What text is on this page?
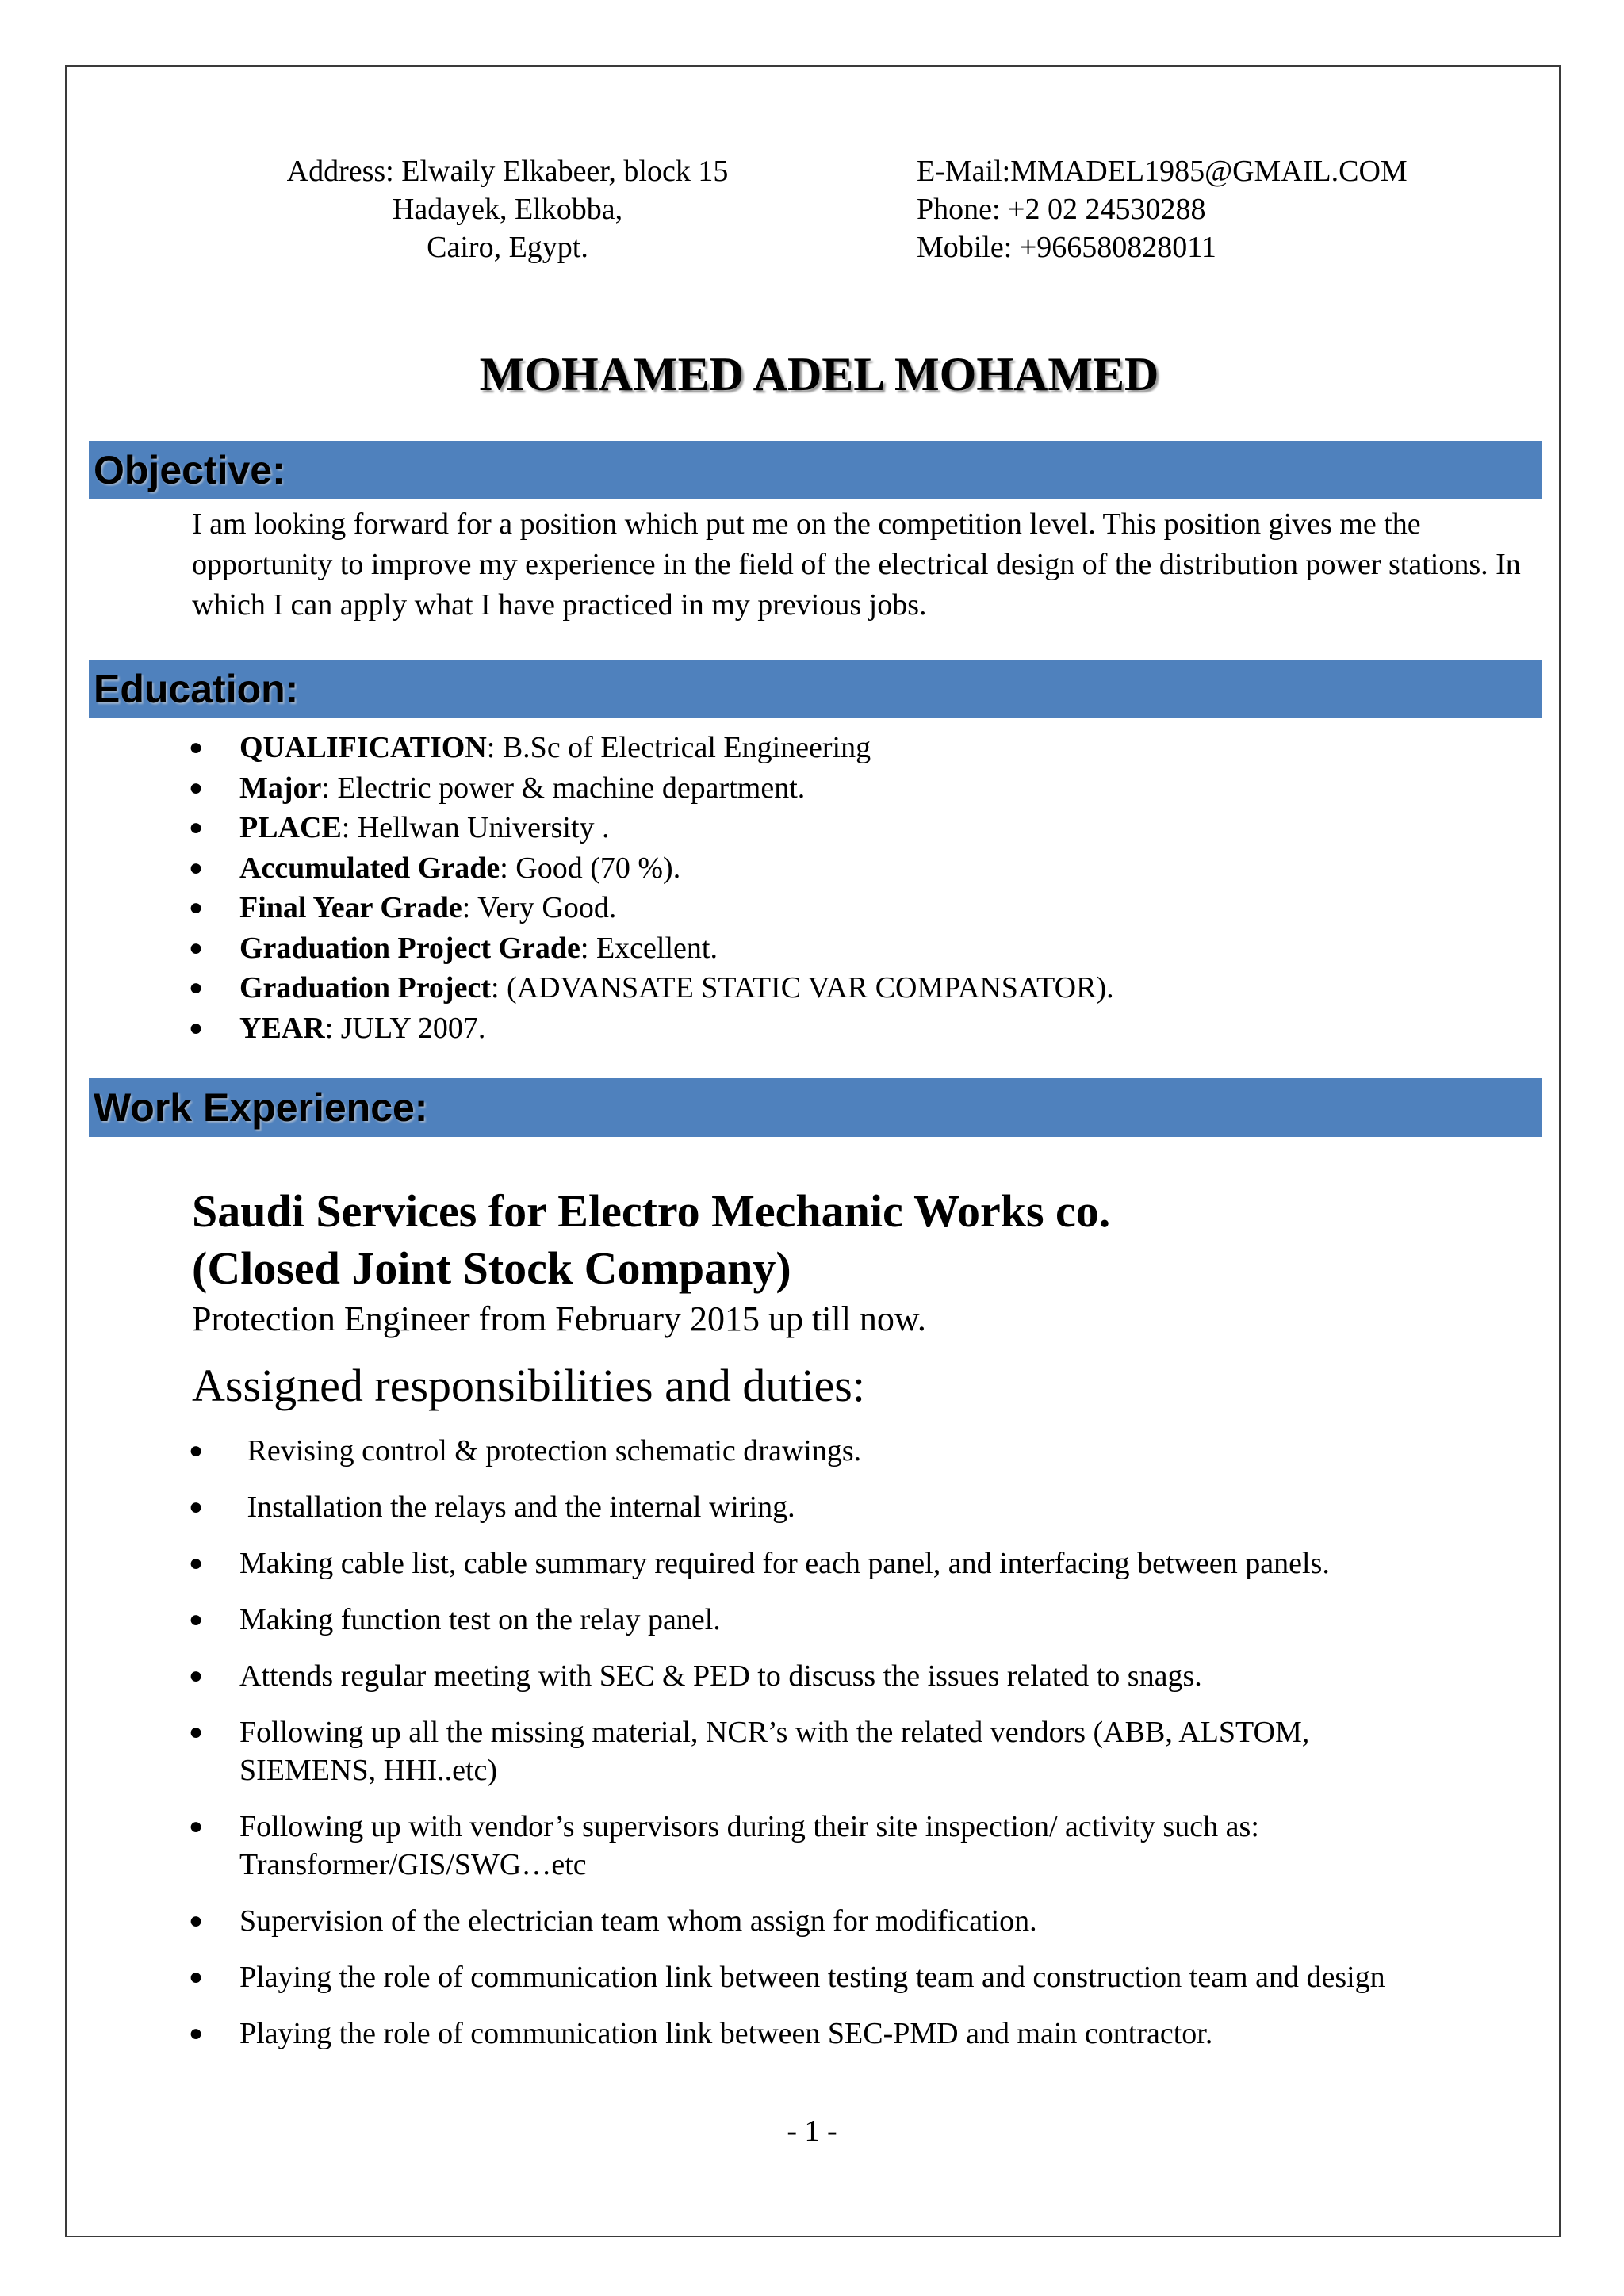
Address: Elwaily Elkabeer, block 15
Hadayek, Elkobba,
Cairo, Egypt.
E-Mail:MMADEL1985@GMAIL.COM
Phone: +2 02 24530288
Mobile: +966580828011
MOHAMED ADEL MOHAMED
Objective:
I am looking forward for a position which put me on the competition level. This position gives me the opportunity to improve my experience in the field of the electrical design of the distribution power stations. In which I can apply what I have practiced in my previous jobs.
Education:
● QUALIFICATION: B.Sc of Electrical Engineering
● Major: Electric power & machine department.
● PLACE: Hellwan University .
● Accumulated Grade: Good (70 %).
● Final Year Grade: Very Good.
● Graduation Project Grade: Excellent.
● Graduation Project: (ADVANSATE STATIC VAR COMPANSATOR).
● YEAR: JULY 2007.
Work Experience:
Saudi Services for Electro Mechanic Works co.
(Closed Joint Stock Company)
Protection Engineer from February 2015 up till now.
Assigned responsibilities and duties:
● Revising control & protection schematic drawings.
● Installation the relays and the internal wiring.
● Making cable list, cable summary required for each panel, and interfacing between panels.
● Making function test on the relay panel.
● Attends regular meeting with SEC & PED to discuss the issues related to snags.
● Following up all the missing material, NCR’s with the related vendors (ABB, ALSTOM,
SIEMENS, HHI..etc)
● Following up with vendor’s supervisors during their site inspection/ activity such as:
Transformer/GIS/SWG…etc
● Supervision of the electrician team whom assign for modification.
● Playing the role of communication link between testing team and construction team and design
● Playing the role of communication link between SEC-PMD and main contractor.
- 1 -
